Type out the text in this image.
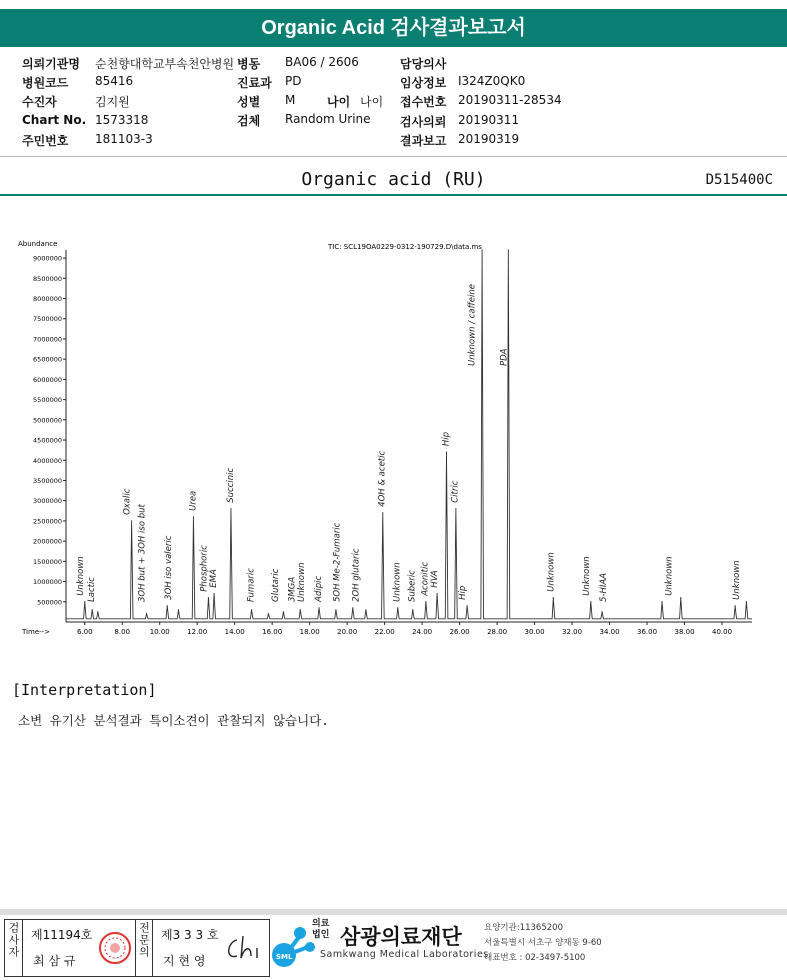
Organic Acid 검사결과보고서
의뢰기관명 순천향대학교부속천안병원 병동 BA06 / 2606	담당의사
병원코드 85416	진료과 PD	임상정보 I324Z0QK0
수진자	김지원	성별 M	나이 나이 접수번호 20190311-28534
Chart No. 1573318	검체 Random Urine 검사의뢰 20190311
주민번호 181103-3	결과보고 20190319
Organic acid (RU)	D515400C
Abundance	TIC: SCL19OA0229-0312-190729.D\data.ms
Time-->
500000
1000000
1500000
2000000
2500000
3000000
3500000
4000000
4500000
5000000
5500000
6000000
6500000
7000000
7500000
8000000
8500000
9000000
6.00	8.00	10.00 12.00 14.00 16.00 18.00 20.00 22.00 24.00 26.00 28.00 30.00 32.00 34.00 36.00 38.00 40.00
Unknown Lactic
Oxalic
3OH but + 3OH iso but 3OH iso valeric
Urea
Phosphoric EMA
Succinic
Fumaric Glutaric 3MGA Unknown Adipic 5OH Me-2-Fumaric 2OH glutaric
4OH & acetic
Unknown Suberic Aconitic HVA
Hip
Citric
Hip
Unknown / caffeine	PDA
Unknown	Unknown 5-HIAA	Unknown	Unknown
[Interpretation]
소변 유기산 분석결과 특이소견이 관찰되지 않습니다.
검사자 제11194호
최 삼 규
전문의 제3 3 3 호
지 현 영	SML
의료법인 삼광의료재단
Samkwang Medical Laboratories
요양기관:11365200
서울특별시 서초구 양재동 9-60
대표번호 : 02-3497-5100
